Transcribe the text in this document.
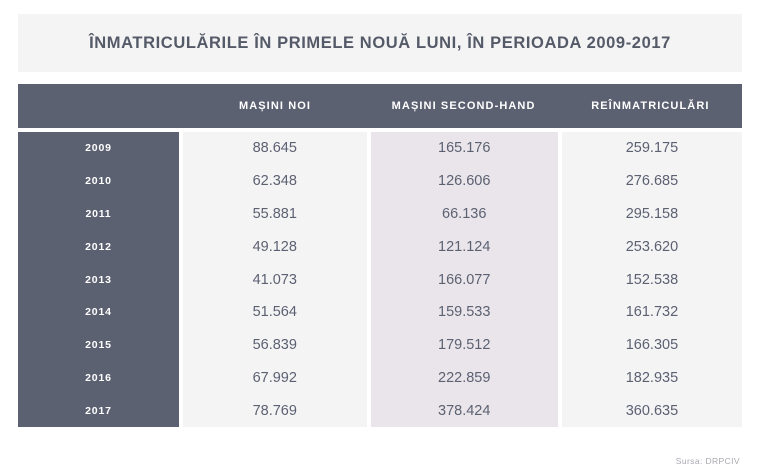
ÎNMATRICULĂRILE ÎN PRIMELE NOUĂ LUNI, ÎN PERIOADA 2009-2017
MAȘINI NOI	MAȘINI SECOND-HAND	REÎNMATRICULĂRI
2009
2010
2011
2012
2013
2014
2015
2016
2017
88.645
62.348
55.881
49.128
41.073
51.564
56.839
67.992
78.769
165.176
126.606
66.136
121.124
166.077
159.533
179.512
222.859
378.424
259.175
276.685
295.158
253.620
152.538
161.732
166.305
182.935
360.635
Sursa: DRPCIV
